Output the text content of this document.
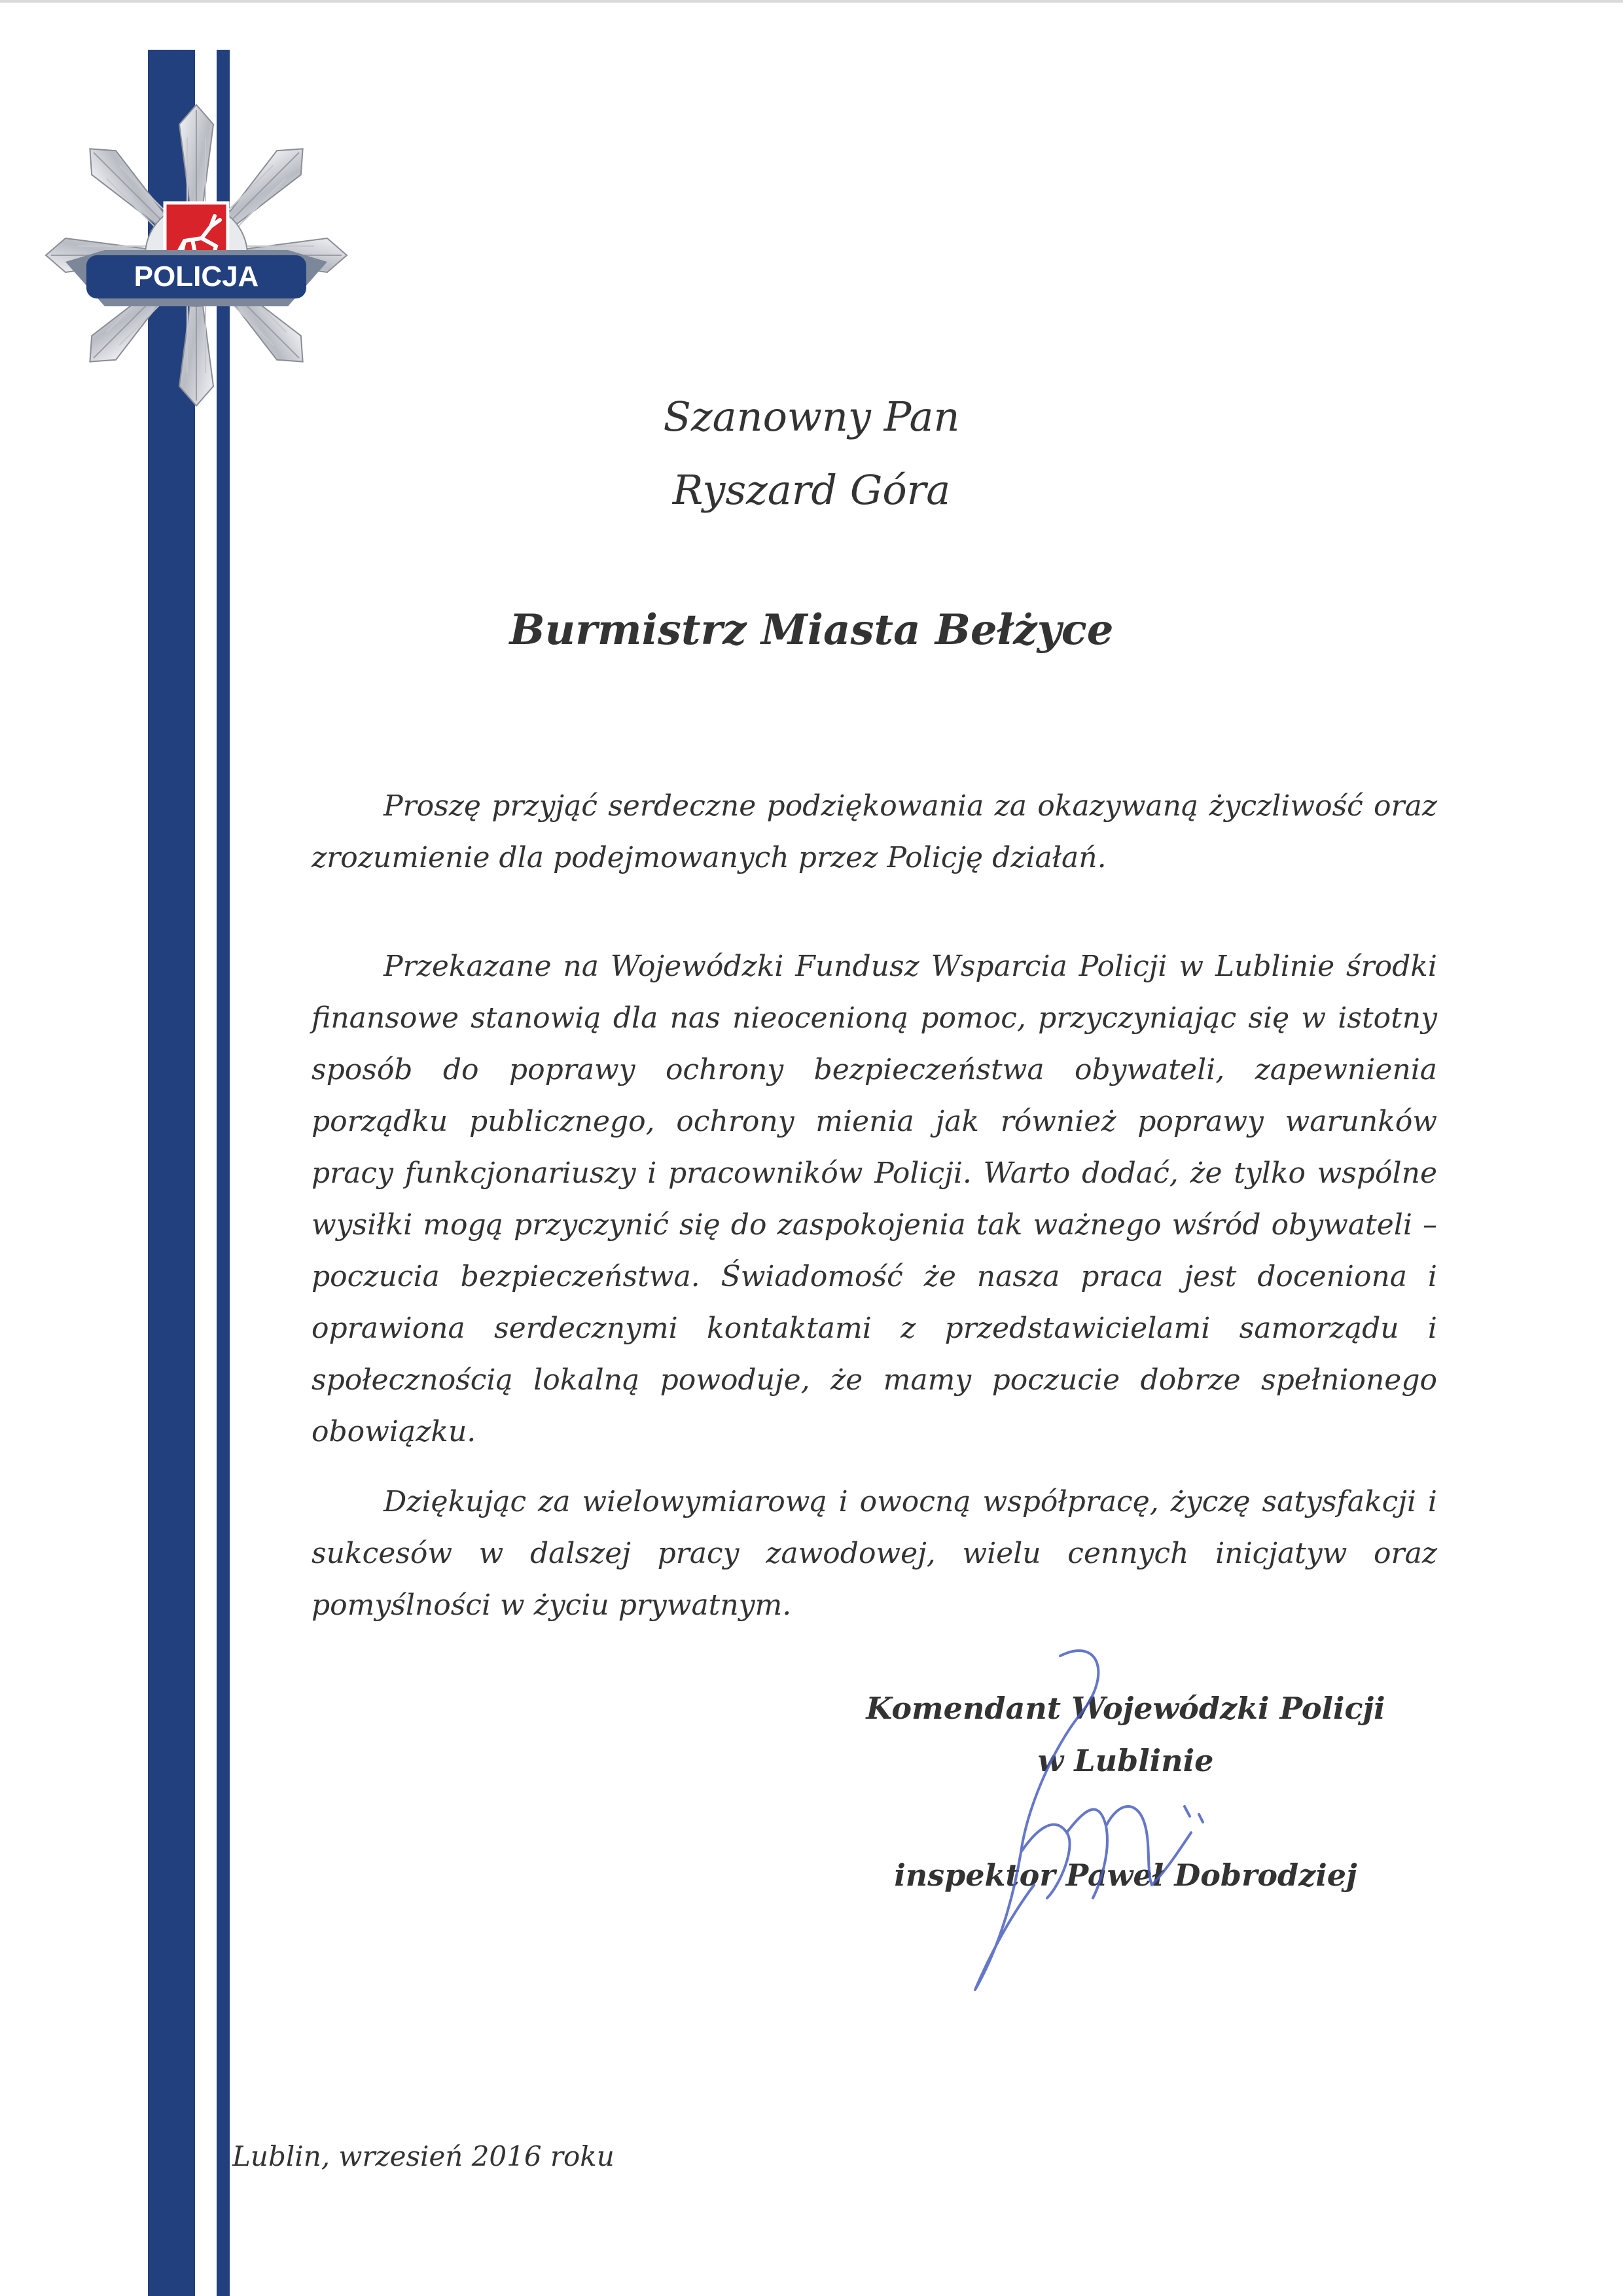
POLICJA
Szanowny Pan
Ryszard Góra
Burmistrz Miasta Bełżyce

Proszę przyjąć serdeczne podziękowania za okazywaną życzliwość oraz zrozumienie dla podejmowanych przez Policję działań.

Przekazane na Wojewódzki Fundusz Wsparcia Policji w Lublinie środki finansowe stanowią dla nas nieocenioną pomoc, przyczyniając się w istotny sposób do poprawy ochrony bezpieczeństwa obywateli, zapewnienia porządku publicznego, ochrony mienia jak również poprawy warunków pracy funkcjonariuszy i pracowników Policji. Warto dodać, że tylko wspólne wysiłki mogą przyczynić się do zaspokojenia tak ważnego wśród obywateli – poczucia bezpieczeństwa. Świadomość że nasza praca jest doceniona i oprawiona serdecznymi kontaktami z przedstawicielami samorządu i społecznością lokalną powoduje, że mamy poczucie dobrze spełnionego obowiązku.

Dziękując za wielowymiarową i owocną współpracę, życzę satysfakcji i sukcesów w dalszej pracy zawodowej, wielu cennych inicjatyw oraz pomyślności w życiu prywatnym.

Komendant Wojewódzki Policji
w Lublinie
inspektor Paweł Dobrodziej
Lublin, wrzesień 2016 roku
